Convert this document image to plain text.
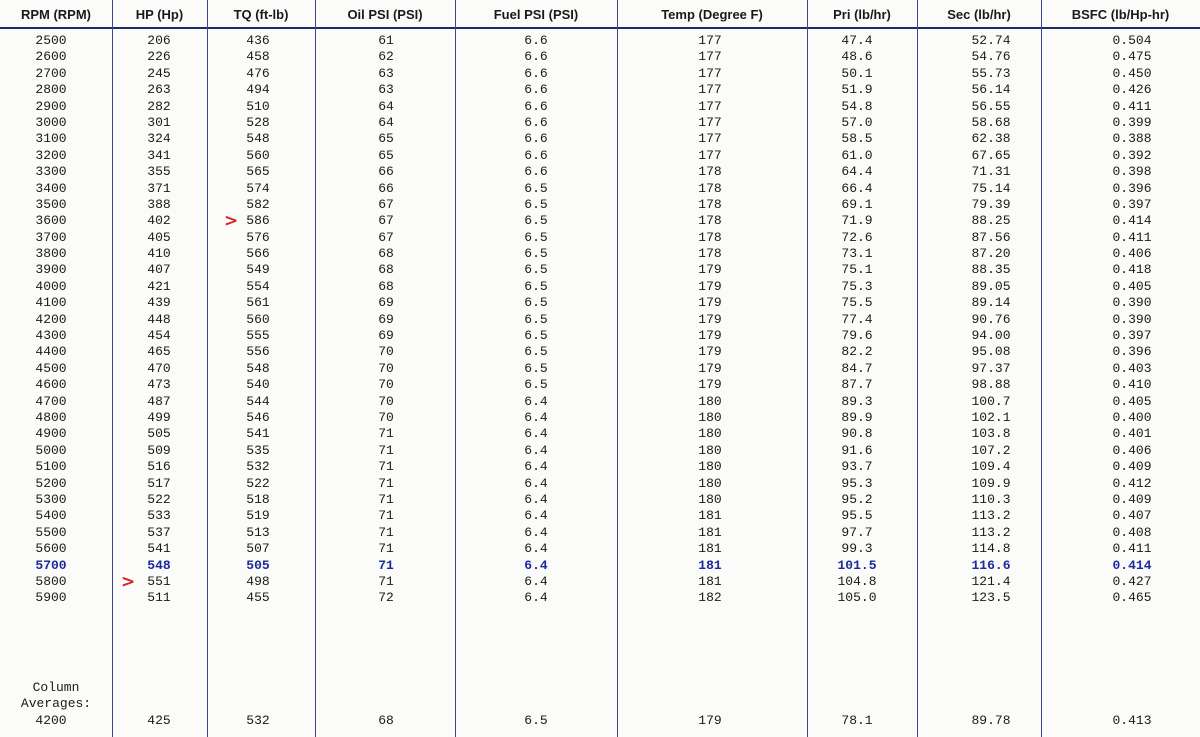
RPM (RPM)	HP (Hp)	TQ (ft-lb)	Oil PSI (PSI)	Fuel PSI (PSI)	Temp (Degree F)	Pri (lb/hr)	Sec (lb/hr)	BSFC (lb/Hp-hr)
2500	206	436	61	6.6	177	47.4	52.74	0.504
2600	226	458	62	6.6	177	48.6	54.76	0.475
2700	245	476	63	6.6	177	50.1	55.73	0.450
2800	263	494	63	6.6	177	51.9	56.14	0.426
2900	282	510	64	6.6	177	54.8	56.55	0.411
3000	301	528	64	6.6	177	57.0	58.68	0.399
3100	324	548	65	6.6	177	58.5	62.38	0.388
3200	341	560	65	6.6	177	61.0	67.65	0.392
3300	355	565	66	6.6	178	64.4	71.31	0.398
3400	371	574	66	6.5	178	66.4	75.14	0.396
3500	388	582	67	6.5	178	69.1	79.39	0.397
3600	402	586	67	6.5	178	71.9	88.25	0.414
>
3700	405	576	67	6.5	178	72.6	87.56	0.411
3800	410	566	68	6.5	178	73.1	87.20	0.406
3900	407	549	68	6.5	179	75.1	88.35	0.418
4000	421	554	68	6.5	179	75.3	89.05	0.405
4100	439	561	69	6.5	179	75.5	89.14	0.390
4200	448	560	69	6.5	179	77.4	90.76	0.390
4300	454	555	69	6.5	179	79.6	94.00	0.397
4400	465	556	70	6.5	179	82.2	95.08	0.396
4500	470	548	70	6.5	179	84.7	97.37	0.403
4600	473	540	70	6.5	179	87.7	98.88	0.410
4700	487	544	70	6.4	180	89.3	100.7	0.405
4800	499	546	70	6.4	180	89.9	102.1	0.400
4900	505	541	71	6.4	180	90.8	103.8	0.401
5000	509	535	71	6.4	180	91.6	107.2	0.406
5100	516	532	71	6.4	180	93.7	109.4	0.409
5200	517	522	71	6.4	180	95.3	109.9	0.412
5300	522	518	71	6.4	180	95.2	110.3	0.409
5400	533	519	71	6.4	181	95.5	113.2	0.407
5500	537	513	71	6.4	181	97.7	113.2	0.408
5600	541	507	71	6.4	181	99.3	114.8	0.411
5700	548	505	71	6.4	181	101.5	116.6	0.414
5800	551	498	71	6.4	181	104.8	121.4	0.427
>
5900	511	455	72	6.4	182	105.0	123.5	0.465
Column
Averages:
4200	425	532	68	6.5	179	78.1	89.78	0.413
